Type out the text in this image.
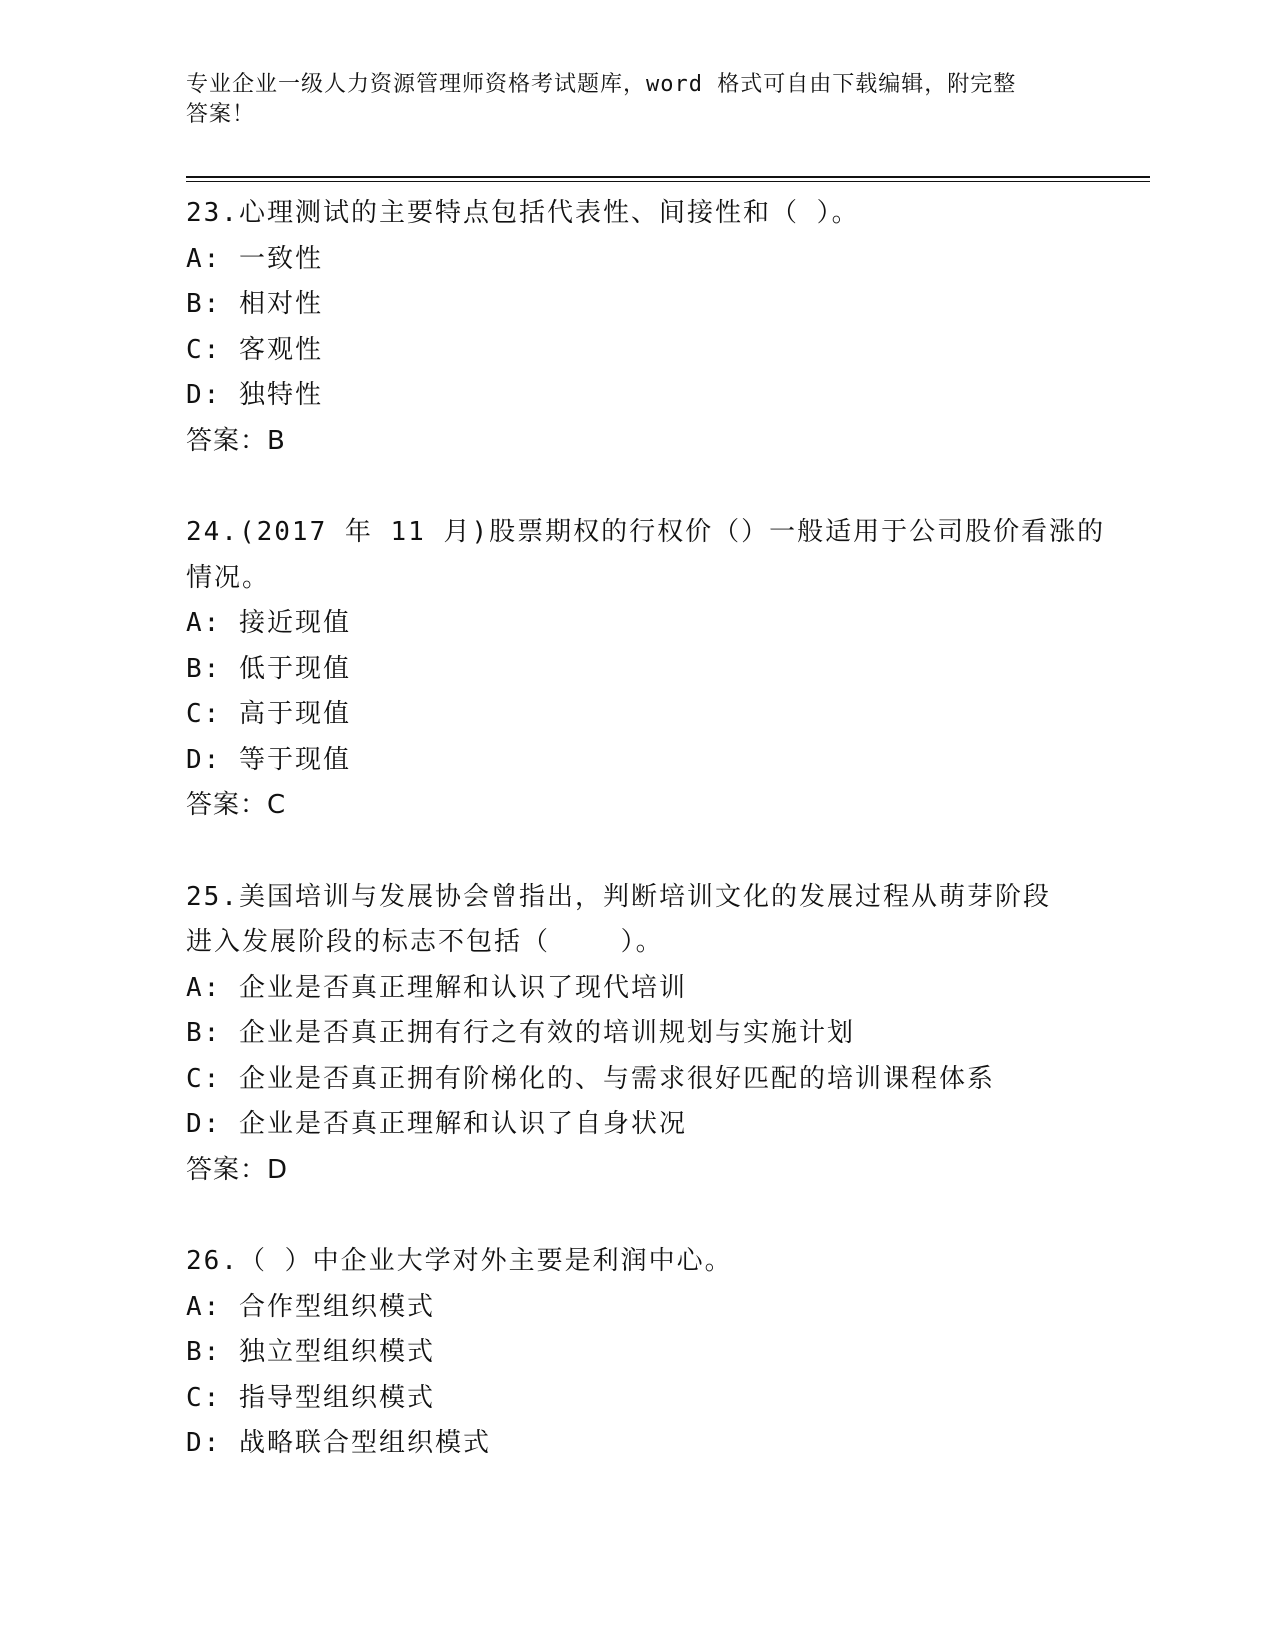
专业企业一级人力资源管理师资格考试题库，word 格式可自由下载编辑，附完整
答案！
23.心理测试的主要特点包括代表性、间接性和（ ）。
A: 一致性
B: 相对性
C: 客观性
D: 独特性
答案：B
24.(2017 年 11 月)股票期权的行权价（）一般适用于公司股价看涨的
情况。
A: 接近现值
B: 低于现值
C: 高于现值
D: 等于现值
答案：C
25.美国培训与发展协会曾指出，判断培训文化的发展过程从萌芽阶段
进入发展阶段的标志不包括（    ）。
A: 企业是否真正理解和认识了现代培训
B: 企业是否真正拥有行之有效的培训规划与实施计划
C: 企业是否真正拥有阶梯化的、与需求很好匹配的培训课程体系
D: 企业是否真正理解和认识了自身状况
答案：D
26.（ ）中企业大学对外主要是利润中心。
A: 合作型组织模式
B: 独立型组织模式
C: 指导型组织模式
D: 战略联合型组织模式
